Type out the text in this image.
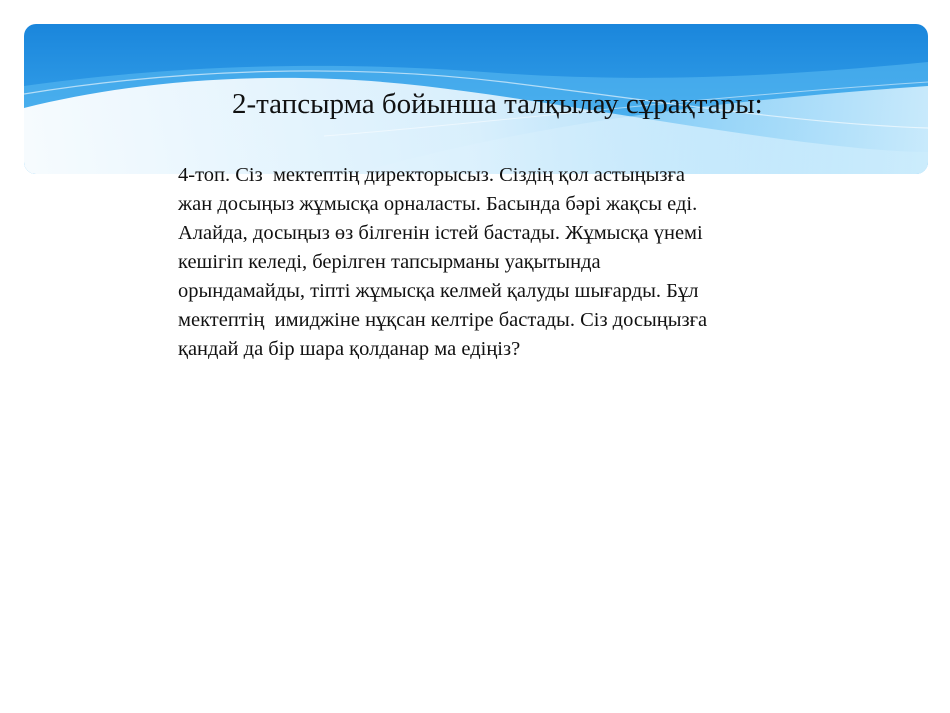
2-тапсырма бойынша талқылау сұрақтары:

4-топ. Сіз  мектептің директорысыз. Сіздің қол астыңызға
жан досыңыз жұмысқа орналасты. Басында бәрі жақсы еді.
Алайда, досыңыз өз білгенін істей бастады. Жұмысқа үнемі
кешігіп келеді, берілген тапсырманы уақытында
орындамайды, тіпті жұмысқа келмей қалуды шығарды. Бұл
мектептің  имиджіне нұқсан келтіре бастады. Сіз досыңызға
қандай да бір шара қолданар ма едіңіз?
